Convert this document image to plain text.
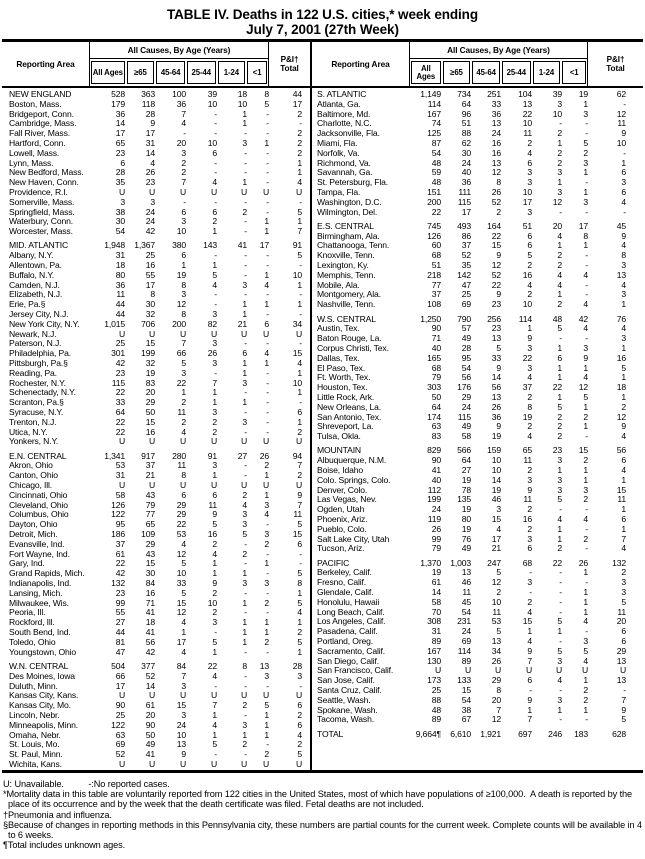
TABLE IV. Deaths in 122 U.S. cities,* week ending
July 7, 2001 (27th Week)
Reporting Area
All Causes, By Age (Years)
All Ages	≥65	45-64	25-44	1-24	<1
P&I†
Total
NEW ENGLAND	528	363	100	39	18	8	44
Boston, Mass.	179	118	36	10	10	5	17
Bridgeport, Conn.	36	28	7	-	1	-	2
Cambridge, Mass.	14	9	4	-	1	-	-
Fall River, Mass.	17	17	-	-	-	-	2
Hartford, Conn.	65	31	20	10	3	1	2
Lowell, Mass.	23	14	3	6	-	-	2
Lynn, Mass.	6	4	2	-	-	-	1
New Bedford, Mass.	28	26	2	-	-	-	1
New Haven, Conn.	35	23	7	4	1	-	4
Providence, R.I.	U	U	U	U	U	U	U
Somerville, Mass.	3	3	-	-	-	-	-
Springfield, Mass.	38	24	6	6	2	-	5
Waterbury, Conn.	30	24	3	2	-	1	1
Worcester, Mass.	54	42	10	1	-	1	7
MID. ATLANTIC	1,948	1,367	380	143	41	17	91
Albany, N.Y.	31	25	6	-	-	-	5
Allentown, Pa.	18	16	1	1	-	-	-
Buffalo, N.Y.	80	55	19	5	-	1	10
Camden, N.J.	36	17	8	4	3	4	1
Elizabeth, N.J.	11	8	3	-	-	-	-
Erie, Pa.§	44	30	12	-	1	1	1
Jersey City, N.J.	44	32	8	3	1	-	-
New York City, N.Y.	1,015	706	200	82	21	6	34
Newark, N.J.	U	U	U	U	U	U	U
Paterson, N.J.	25	15	7	3	-	-	-
Philadelphia, Pa.	301	199	66	26	6	4	15
Pittsburgh, Pa.§	42	32	5	3	1	1	4
Reading, Pa.	23	19	3	-	1	-	1
Rochester, N.Y.	115	83	22	7	3	-	10
Schenectady, N.Y.	22	20	1	1	-	-	1
Scranton, Pa.§	33	29	2	1	1	-	-
Syracuse, N.Y.	64	50	11	3	-	-	6
Trenton, N.J.	22	15	2	2	3	-	1
Utica, N.Y.	22	16	4	2	-	-	2
Yonkers, N.Y.	U	U	U	U	U	U	U
E.N. CENTRAL	1,341	917	280	91	27	26	94
Akron, Ohio	53	37	11	3	-	2	7
Canton, Ohio	31	21	8	1	-	1	2
Chicago, Ill.	U	U	U	U	U	U	U
Cincinnati, Ohio	58	43	6	6	2	1	9
Cleveland, Ohio	126	79	29	11	4	3	7
Columbus, Ohio	122	77	29	9	3	4	11
Dayton, Ohio	95	65	22	5	3	-	5
Detroit, Mich.	186	109	53	16	5	3	15
Evansville, Ind.	37	29	4	2	-	2	6
Fort Wayne, Ind.	61	43	12	4	2	-	-
Gary, Ind.	22	15	5	1	-	1	-
Grand Rapids, Mich.	42	30	10	1	1	-	5
Indianapolis, Ind.	132	84	33	9	3	3	8
Lansing, Mich.	23	16	5	2	-	-	1
Milwaukee, Wis.	99	71	15	10	1	2	5
Peoria, Ill.	55	41	12	2	-	-	4
Rockford, Ill.	27	18	4	3	1	1	1
South Bend, Ind.	44	41	1	-	1	1	2
Toledo, Ohio	81	56	17	5	1	2	5
Youngstown, Ohio	47	42	4	1	-	-	1
W.N. CENTRAL	504	377	84	22	8	13	28
Des Moines, Iowa	66	52	7	4	-	3	3
Duluth, Minn.	17	14	3	-	-	-	-
Kansas City, Kans.	U	U	U	U	U	U	U
Kansas City, Mo.	90	61	15	7	2	5	6
Lincoln, Nebr.	25	20	3	1	-	1	2
Minneapolis, Minn.	122	90	24	4	3	1	6
Omaha, Nebr.	63	50	10	1	1	1	4
St. Louis, Mo.	69	49	13	5	2	-	2
St. Paul, Minn.	52	41	9	-	-	2	5
Wichita, Kans.	U	U	U	U	U	U	U
Reporting Area
All Causes, By Age (Years)
All Ages	≥65	45-64	25-44	1-24	<1
P&I†
Total
S. ATLANTIC	1,149	734	251	104	39	19	62
Atlanta, Ga.	114	64	33	13	3	1	-
Baltimore, Md.	167	96	36	22	10	3	12
Charlotte, N.C.	74	51	13	10	-	-	11
Jacksonville, Fla.	125	88	24	11	2	-	9
Miami, Fla.	87	62	16	2	1	5	10
Norfolk, Va.	54	30	16	4	2	2	-
Richmond, Va.	48	24	13	6	2	3	1
Savannah, Ga.	59	40	12	3	3	1	6
St. Petersburg, Fla.	48	36	8	3	1	-	3
Tampa, Fla.	151	111	26	10	3	1	6
Washington, D.C.	200	115	52	17	12	3	4
Wilmington, Del.	22	17	2	3	-	-	-
E.S. CENTRAL	745	493	164	51	20	17	45
Birmingham, Ala.	126	86	22	6	4	8	9
Chattanooga, Tenn.	60	37	15	6	1	1	4
Knoxville, Tenn.	68	52	9	5	2	-	8
Lexington, Ky.	51	35	12	2	2	-	3
Memphis, Tenn.	218	142	52	16	4	4	13
Mobile, Ala.	77	47	22	4	4	-	4
Montgomery, Ala.	37	25	9	2	1	-	3
Nashville, Tenn.	108	69	23	10	2	4	1
W.S. CENTRAL	1,250	790	256	114	48	42	76
Austin, Tex.	90	57	23	1	5	4	4
Baton Rouge, La.	71	49	13	9	-	-	3
Corpus Christi, Tex.	40	28	5	3	1	3	1
Dallas, Tex.	165	95	33	22	6	9	16
El Paso, Tex.	68	54	9	3	1	1	5
Ft. Worth, Tex.	79	56	14	4	1	4	1
Houston, Tex.	303	176	56	37	22	12	18
Little Rock, Ark.	50	29	13	2	1	5	1
New Orleans, La.	64	24	26	8	5	1	2
San Antonio, Tex.	174	115	36	19	2	2	12
Shreveport, La.	63	49	9	2	2	1	9
Tulsa, Okla.	83	58	19	4	2	-	4
MOUNTAIN	829	566	159	65	23	15	56
Albuquerque, N.M.	90	64	10	11	3	2	6
Boise, Idaho	41	27	10	2	1	1	4
Colo. Springs, Colo.	40	19	14	3	3	1	1
Denver, Colo.	112	78	19	9	3	3	15
Las Vegas, Nev.	199	135	46	11	5	2	11
Ogden, Utah	24	19	3	2	-	-	1
Phoenix, Ariz.	119	80	15	16	4	4	6
Pueblo, Colo.	26	19	4	2	1	-	1
Salt Lake City, Utah	99	76	17	3	1	2	7
Tucson, Ariz.	79	49	21	6	2	-	4
PACIFIC	1,370	1,003	247	68	22	26	132
Berkeley, Calif.	19	13	5	-	-	1	2
Fresno, Calif.	61	46	12	3	-	-	3
Glendale, Calif.	14	11	2	-	-	1	3
Honolulu, Hawaii	58	45	10	2	-	1	5
Long Beach, Calif.	70	54	11	4	-	1	11
Los Angeles, Calif.	308	231	53	15	5	4	20
Pasadena, Calif.	31	24	5	1	1	-	6
Portland, Oreg.	89	69	13	4	-	3	6
Sacramento, Calif.	167	114	34	9	5	5	29
San Diego, Calif.	130	89	26	7	3	4	13
San Francisco, Calif.	U	U	U	U	U	U	U
San Jose, Calif.	173	133	29	6	4	1	13
Santa Cruz, Calif.	25	15	8	-	-	2	-
Seattle, Wash.	88	54	20	9	3	2	7
Spokane, Wash.	48	38	7	1	1	1	9
Tacoma, Wash.	89	67	12	7	-	-	5
TOTAL	9,664¶	6,610	1,921	697	246	183	628
U: Unavailable.          -:No reported cases.
*Mortality data in this table are voluntarily reported from 122 cities in the United States, most of which have populations of ≥100,000.  A death is reported by the place of its occurrence and by the week that the death certificate was filed. Fetal deaths are not included.
†Pneumonia and influenza.
§Because of changes in reporting methods in this Pennsylvania city, these numbers are partial counts for the current week. Complete counts will be available in 4 to 6 weeks.
¶Total includes unknown ages.
